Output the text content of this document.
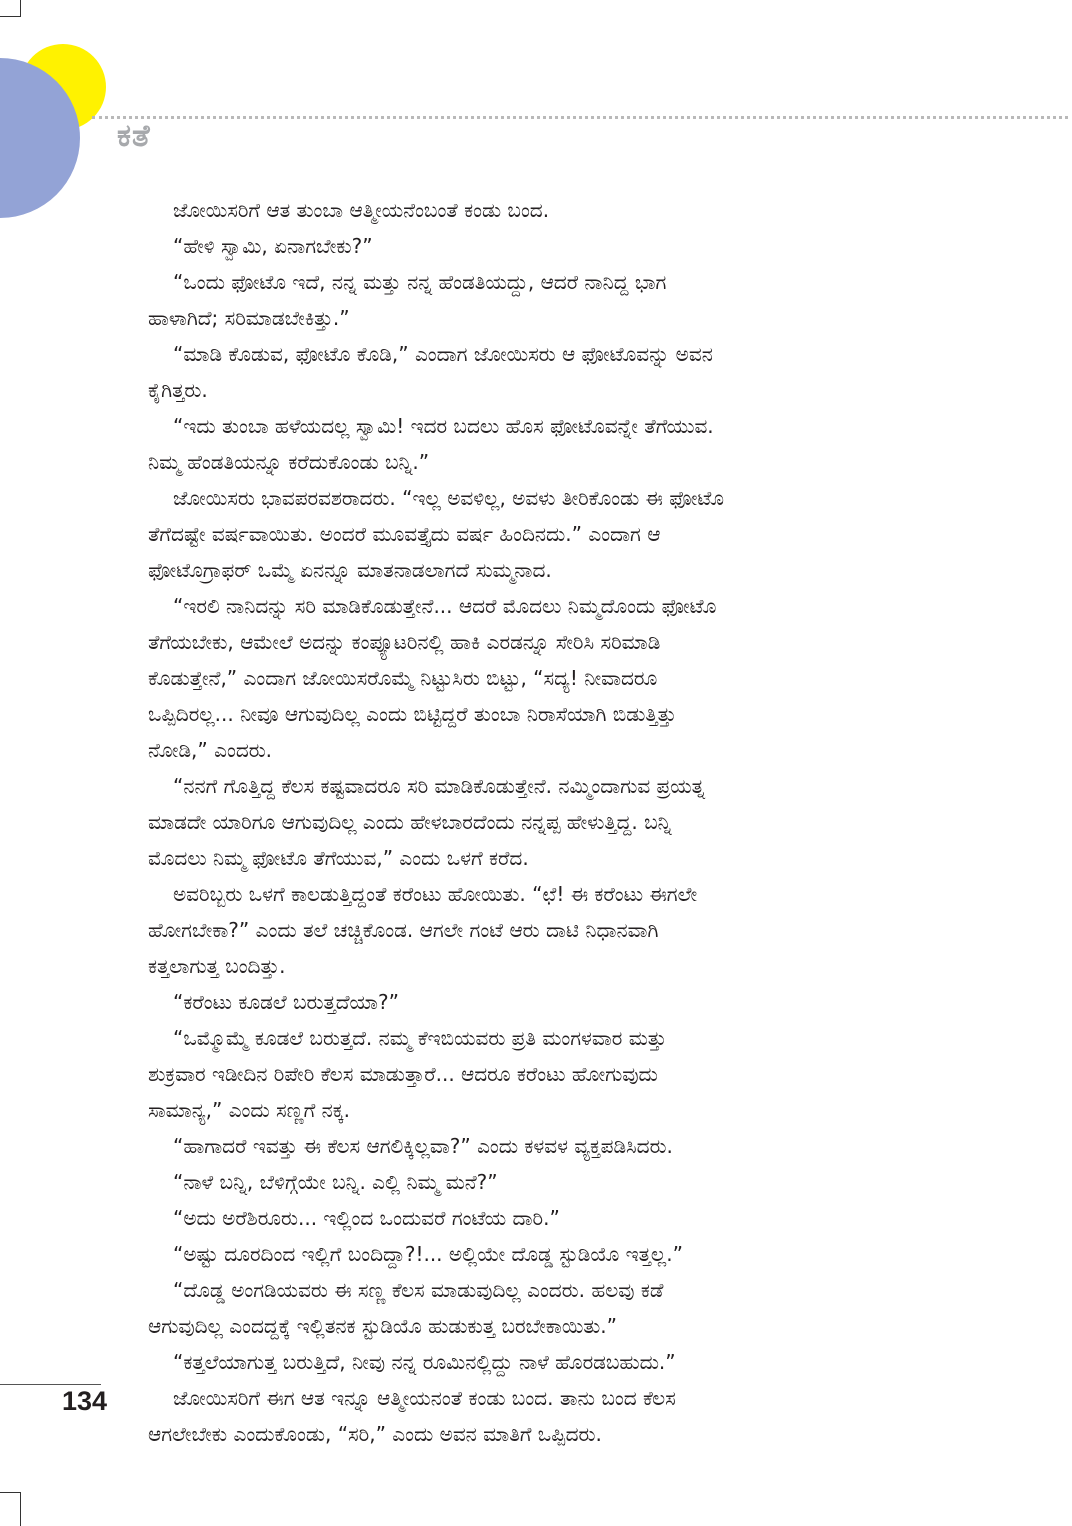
ಕತೆ
ಜೋಯಿಸರಿಗೆ ಆತ ತುಂಬಾ ಆತ್ಮೀಯನೆಂಬಂತೆ ಕಂಡು ಬಂದ.
“ಹೇಳಿ ಸ್ವಾಮಿ, ಏನಾಗಬೇಕು?”
“ಒಂದು ಫೋಟೊ ಇದೆ, ನನ್ನ ಮತ್ತು ನನ್ನ ಹೆಂಡತಿಯದ್ದು, ಆದರೆ ನಾನಿದ್ದ ಭಾಗ
ಹಾಳಾಗಿದೆ; ಸರಿಮಾಡಬೇಕಿತ್ತು.”
“ಮಾಡಿ ಕೊಡುವ, ಫೋಟೊ ಕೊಡಿ,” ಎಂದಾಗ ಜೋಯಿಸರು ಆ ಫೋಟೊವನ್ನು ಅವನ
ಕೈಗಿತ್ತರು.
“ಇದು ತುಂಬಾ ಹಳೆಯದಲ್ಲ ಸ್ವಾಮಿ! ಇದರ ಬದಲು ಹೊಸ ಫೋಟೊವನ್ನೇ ತೆಗೆಯುವ.
ನಿಮ್ಮ ಹೆಂಡತಿಯನ್ನೂ ಕರೆದುಕೊಂಡು ಬನ್ನಿ.”
ಜೋಯಿಸರು ಭಾವಪರವಶರಾದರು. “ಇಲ್ಲ ಅವಳಿಲ್ಲ, ಅವಳು ತೀರಿಕೊಂಡು ಈ ಫೋಟೊ
ತೆಗೆದಷ್ಟೇ ವರ್ಷವಾಯಿತು. ಅಂದರೆ ಮೂವತ್ತೈದು ವರ್ಷ ಹಿಂದಿನದು.” ಎಂದಾಗ ಆ
ಫೋಟೊಗ್ರಾಫರ್ ಒಮ್ಮೆ ಏನನ್ನೂ ಮಾತನಾಡಲಾಗದೆ ಸುಮ್ಮನಾದ.
“ಇರಲಿ ನಾನಿದನ್ನು ಸರಿ ಮಾಡಿಕೊಡುತ್ತೇನೆ... ಆದರೆ ಮೊದಲು ನಿಮ್ಮದೊಂದು ಫೋಟೊ
ತೆಗೆಯಬೇಕು, ಆಮೇಲೆ ಅದನ್ನು ಕಂಪ್ಯೂಟರಿನಲ್ಲಿ ಹಾಕಿ ಎರಡನ್ನೂ ಸೇರಿಸಿ ಸರಿಮಾಡಿ
ಕೊಡುತ್ತೇನೆ,” ಎಂದಾಗ ಜೋಯಿಸರೊಮ್ಮೆ ನಿಟ್ಟುಸಿರು ಬಿಟ್ಟು, “ಸದ್ಯ! ನೀವಾದರೂ
ಒಪ್ಪಿದಿರಲ್ಲ... ನೀವೂ ಆಗುವುದಿಲ್ಲ ಎಂದು ಬಿಟ್ಟಿದ್ದರೆ ತುಂಬಾ ನಿರಾಸೆಯಾಗಿ ಬಿಡುತ್ತಿತ್ತು
ನೋಡಿ,” ಎಂದರು.
“ನನಗೆ ಗೊತ್ತಿದ್ದ ಕೆಲಸ ಕಷ್ಟವಾದರೂ ಸರಿ ಮಾಡಿಕೊಡುತ್ತೇನೆ. ನಮ್ಮಿಂದಾಗುವ ಪ್ರಯತ್ನ
ಮಾಡದೇ ಯಾರಿಗೂ ಆಗುವುದಿಲ್ಲ ಎಂದು ಹೇಳಬಾರದೆಂದು ನನ್ನಪ್ಪ ಹೇಳುತ್ತಿದ್ದ. ಬನ್ನಿ
ಮೊದಲು ನಿಮ್ಮ ಫೋಟೊ ತೆಗೆಯುವ,” ಎಂದು ಒಳಗೆ ಕರೆದ.
ಅವರಿಬ್ಬರು ಒಳಗೆ ಕಾಲಡುತ್ತಿದ್ದಂತೆ ಕರೆಂಟು ಹೋಯಿತು. “ಛೆ! ಈ ಕರೆಂಟು ಈಗಲೇ
ಹೋಗಬೇಕಾ?” ಎಂದು ತಲೆ ಚಚ್ಚಿಕೊಂಡ. ಆಗಲೇ ಗಂಟೆ ಆರು ದಾಟಿ ನಿಧಾನವಾಗಿ
ಕತ್ತಲಾಗುತ್ತ ಬಂದಿತ್ತು.
“ಕರೆಂಟು ಕೂಡಲೆ ಬರುತ್ತದೆಯಾ?”
“ಒಮ್ಮೊಮ್ಮೆ ಕೂಡಲೆ ಬರುತ್ತದೆ. ನಮ್ಮ ಕೆಇಬಿಯವರು ಪ್ರತಿ ಮಂಗಳವಾರ ಮತ್ತು
ಶುಕ್ರವಾರ ಇಡೀದಿನ ರಿಪೇರಿ ಕೆಲಸ ಮಾಡುತ್ತಾರೆ... ಆದರೂ ಕರೆಂಟು ಹೋಗುವುದು
ಸಾಮಾನ್ಯ,” ಎಂದು ಸಣ್ಣಗೆ ನಕ್ಕ.
“ಹಾಗಾದರೆ ಇವತ್ತು ಈ ಕೆಲಸ ಆಗಲಿಕ್ಕಿಲ್ಲವಾ?” ಎಂದು ಕಳವಳ ವ್ಯಕ್ತಪಡಿಸಿದರು.
“ನಾಳೆ ಬನ್ನಿ, ಬೆಳಿಗ್ಗೆಯೇ ಬನ್ನಿ. ಎಲ್ಲಿ ನಿಮ್ಮ ಮನೆ?”
“ಅದು ಅರೆಶಿರೂರು... ಇಲ್ಲಿಂದ ಒಂದುವರೆ ಗಂಟೆಯ ದಾರಿ.”
“ಅಷ್ಟು ದೂರದಿಂದ ಇಲ್ಲಿಗೆ ಬಂದಿದ್ದಾ?!... ಅಲ್ಲಿಯೇ ದೊಡ್ಡ ಸ್ಟುಡಿಯೊ ಇತ್ತಲ್ಲ.”
“ದೊಡ್ಡ ಅಂಗಡಿಯವರು ಈ ಸಣ್ಣ ಕೆಲಸ ಮಾಡುವುದಿಲ್ಲ ಎಂದರು. ಹಲವು ಕಡೆ
ಆಗುವುದಿಲ್ಲ ಎಂದದ್ದಕ್ಕೆ ಇಲ್ಲಿತನಕ ಸ್ಟುಡಿಯೊ ಹುಡುಕುತ್ತ ಬರಬೇಕಾಯಿತು.”
“ಕತ್ತಲೆಯಾಗುತ್ತ ಬರುತ್ತಿದೆ, ನೀವು ನನ್ನ ರೂಮಿನಲ್ಲಿದ್ದು ನಾಳೆ ಹೊರಡಬಹುದು.”
ಜೋಯಿಸರಿಗೆ ಈಗ ಆತ ಇನ್ನೂ ಆತ್ಮೀಯನಂತೆ ಕಂಡು ಬಂದ. ತಾನು ಬಂದ ಕೆಲಸ
ಆಗಲೇಬೇಕು ಎಂದುಕೊಂಡು, “ಸರಿ,” ಎಂದು ಅವನ ಮಾತಿಗೆ ಒಪ್ಪಿದರು.
134
